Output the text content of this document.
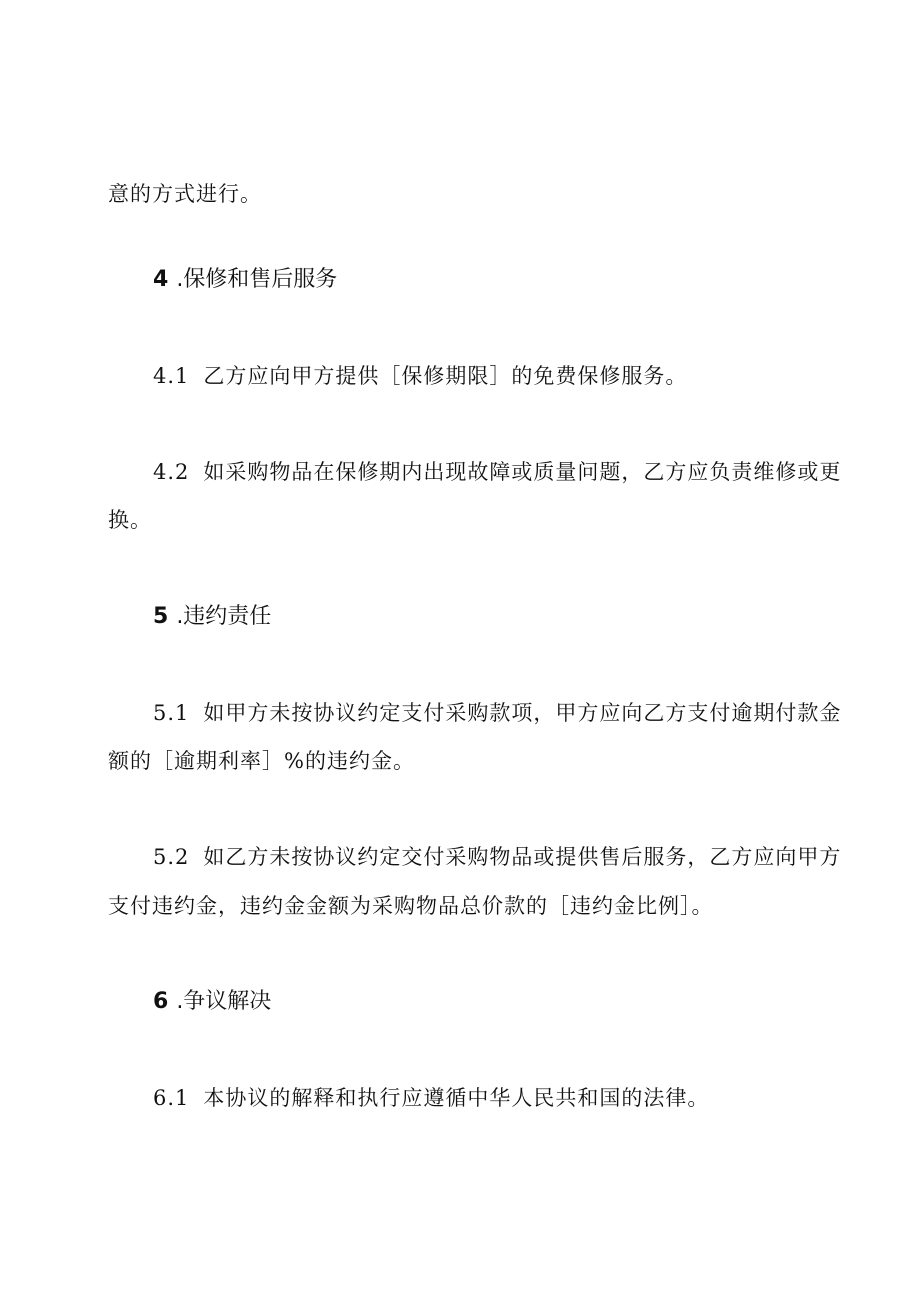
意的方式进行。
4 .保修和售后服务
4.1 乙方应向甲方提供［保修期限］的免费保修服务。
4.2 如采购物品在保修期内出现故障或质量问题，乙方应负责维修或更
换。
5 .违约责任
5.1 如甲方未按协议约定支付采购款项，甲方应向乙方支付逾期付款金
额的［逾期利率］%的违约金。
5.2 如乙方未按协议约定交付采购物品或提供售后服务，乙方应向甲方
支付违约金，违约金金额为采购物品总价款的［违约金比例］。
6 .争议解决
6.1 本协议的解释和执行应遵循中华人民共和国的法律。
